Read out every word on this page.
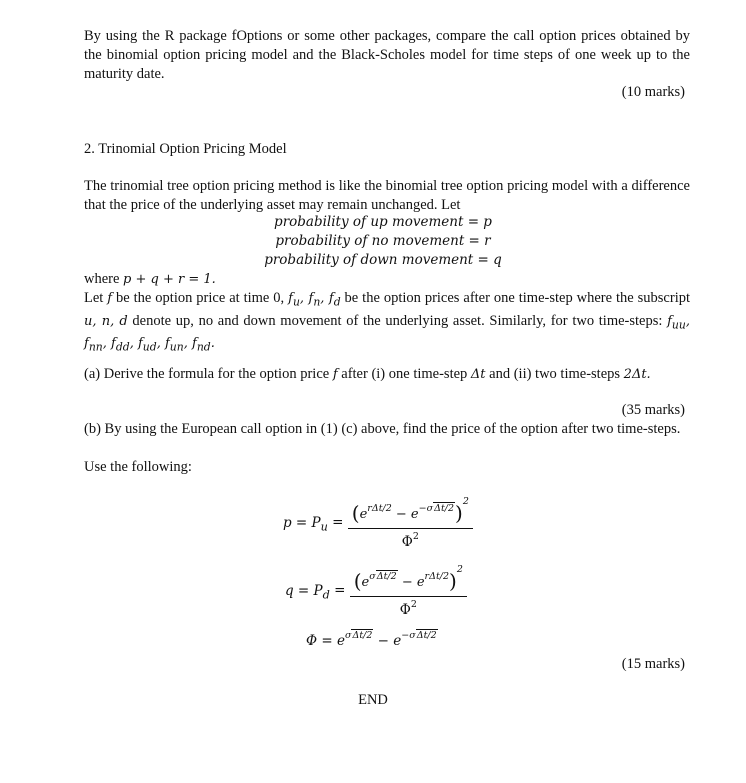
By using the R package fOptions or some other packages, compare the call option prices obtained by the binomial option pricing model and the Black-Scholes model for time steps of one week up to the maturity date.
(10 marks)
2. Trinomial Option Pricing Model
The trinomial tree option pricing method is like the binomial tree option pricing model with a difference that the price of the underlying asset may remain unchanged. Let
probability of up movement = p
probability of no movement = r
probability of down movement = q
where p + q + r = 1.
Let f be the option price at time 0, $f_u$, $f_n$, $f_d$ be the option prices after one time-step where the subscript u, n, d denote up, no and down movement of the underlying asset. Similarly, for two time-steps: $f_{uu}$, $f_{nn}$, $f_{dd}$, $f_{ud}$, $f_{un}$, $f_{nd}$.
(a) Derive the formula for the option price f after (i) one time-step Δt and (ii) two time-steps 2Δt.
(35 marks)
(b) By using the European call option in (1) (c) above, find the price of the option after two time-steps.
Use the following:
$p = P_u = \frac{(e^{r\Delta t/2} - e^{-\sigma\Delta t/2})^2}{\Phi^2}$
$q = P_d = \frac{(e^{\sigma\Delta t/2} - e^{r\Delta t/2})^2}{\Phi^2}$
$\Phi = e^{\sigma\Delta t/2} - e^{-\sigma\Delta t/2}$
(15 marks)
END
